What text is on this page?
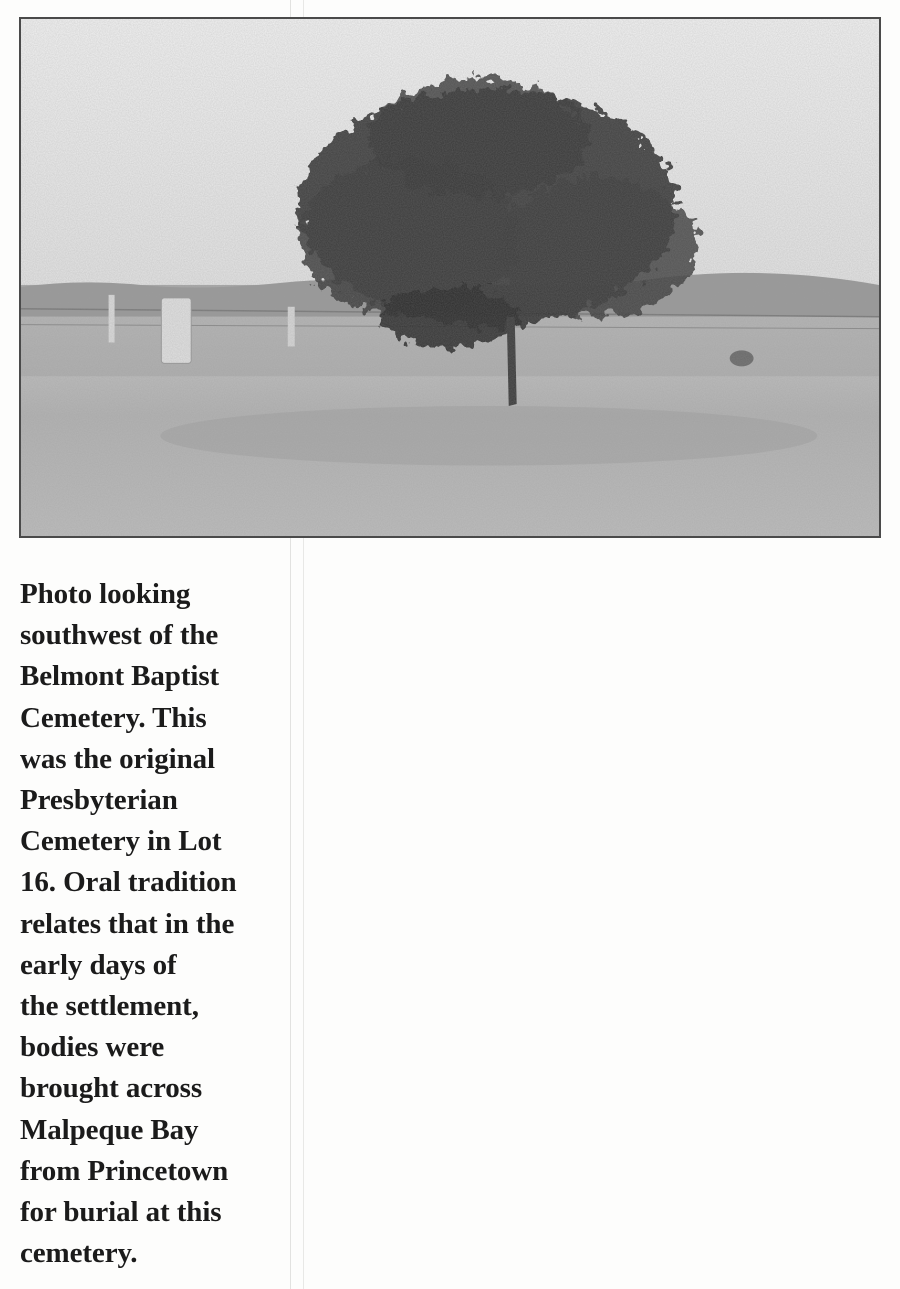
Photo looking
southwest of the
Belmont Baptist
Cemetery. This
was the original
Presbyterian
Cemetery in Lot
16. Oral tradition
relates that in the
early days of
the settlement,
bodies were
brought across
Malpeque Bay
from Princetown
for burial at this
cemetery.
